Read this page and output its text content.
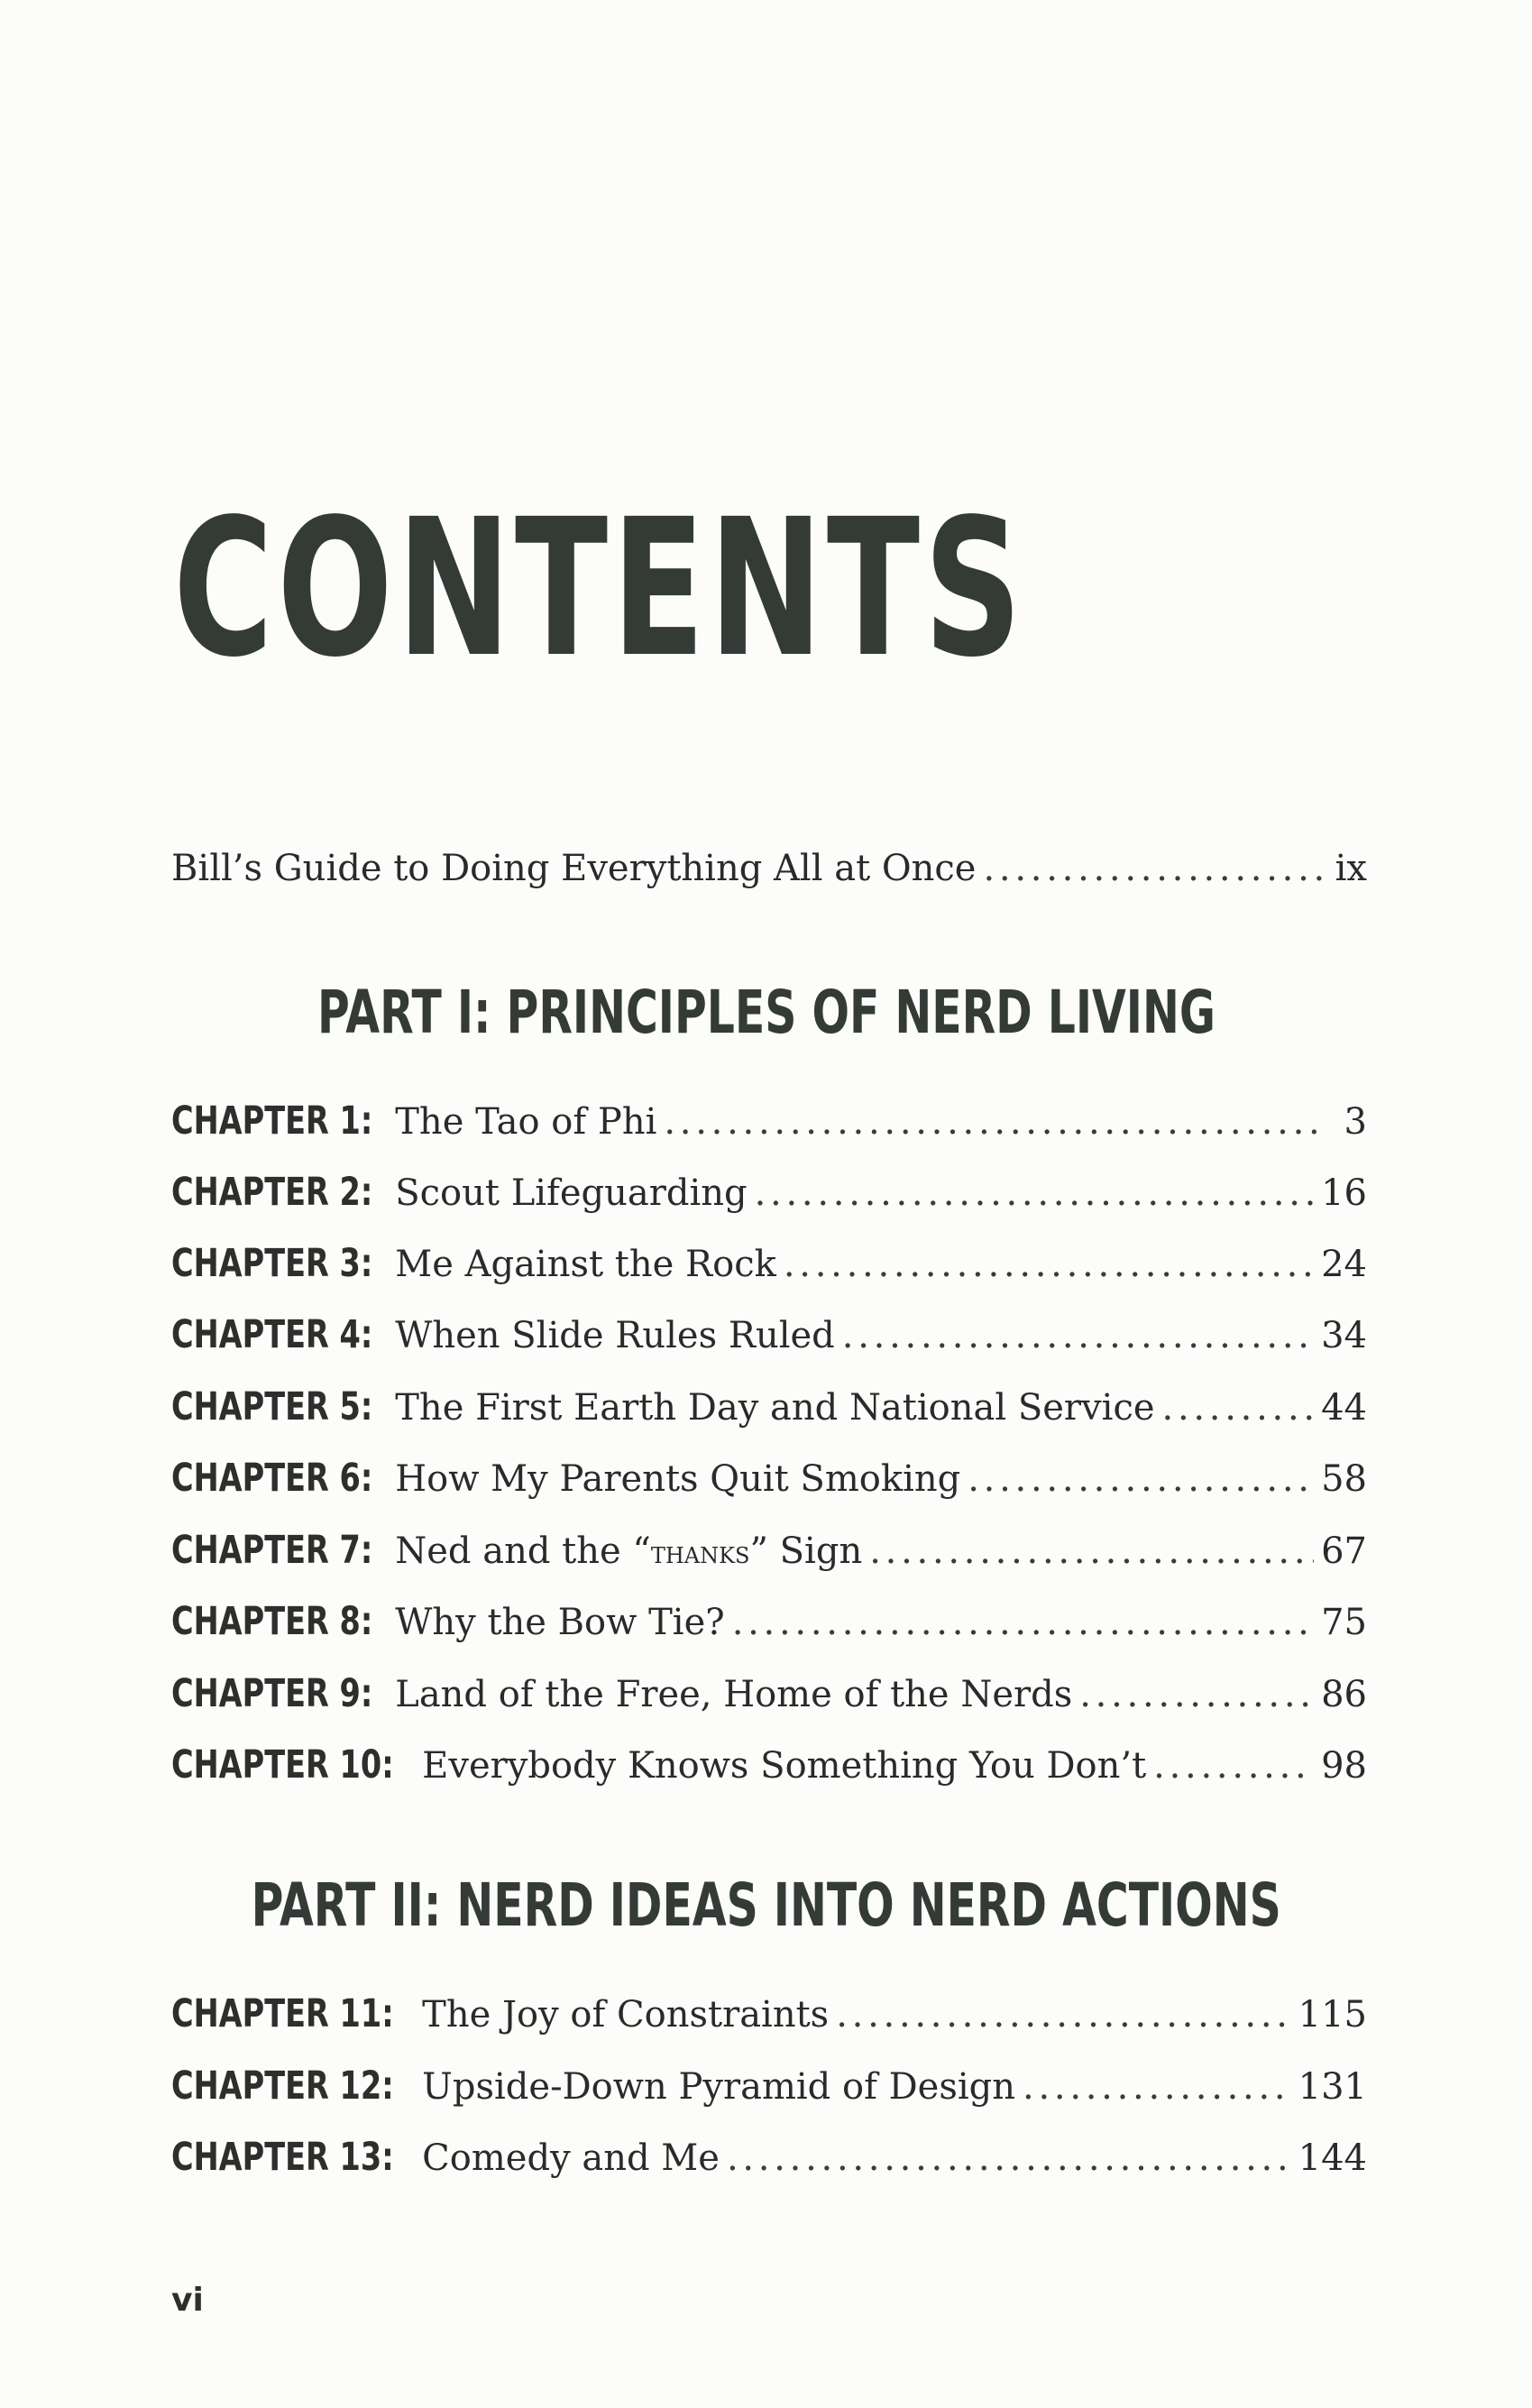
CONTENTS
Bill’s Guide to Doing Everything All at Once . . .	ix
PART I: PRINCIPLES OF NERD LIVING
CHAPTER 1: The Tao of Phi . . .	3
CHAPTER 2: Scout Lifeguarding . . .	16
CHAPTER 3: Me Against the Rock . . .	24
CHAPTER 4: When Slide Rules Ruled . . .	34
CHAPTER 5: The First Earth Day and National Service . . .	44
CHAPTER 6: How My Parents Quit Smoking . . .	58
CHAPTER 7: Ned and the “thanks” Sign . . .	67
CHAPTER 8: Why the Bow Tie? . . .	75
CHAPTER 9: Land of the Free, Home of the Nerds . . .	86
CHAPTER 10: Everybody Knows Something You Don’t . . .	98
PART II: NERD IDEAS INTO NERD ACTIONS
CHAPTER 11: The Joy of Constraints . . .	115
CHAPTER 12: Upside-Down Pyramid of Design . . .	131
CHAPTER 13: Comedy and Me . . .	144
vi
